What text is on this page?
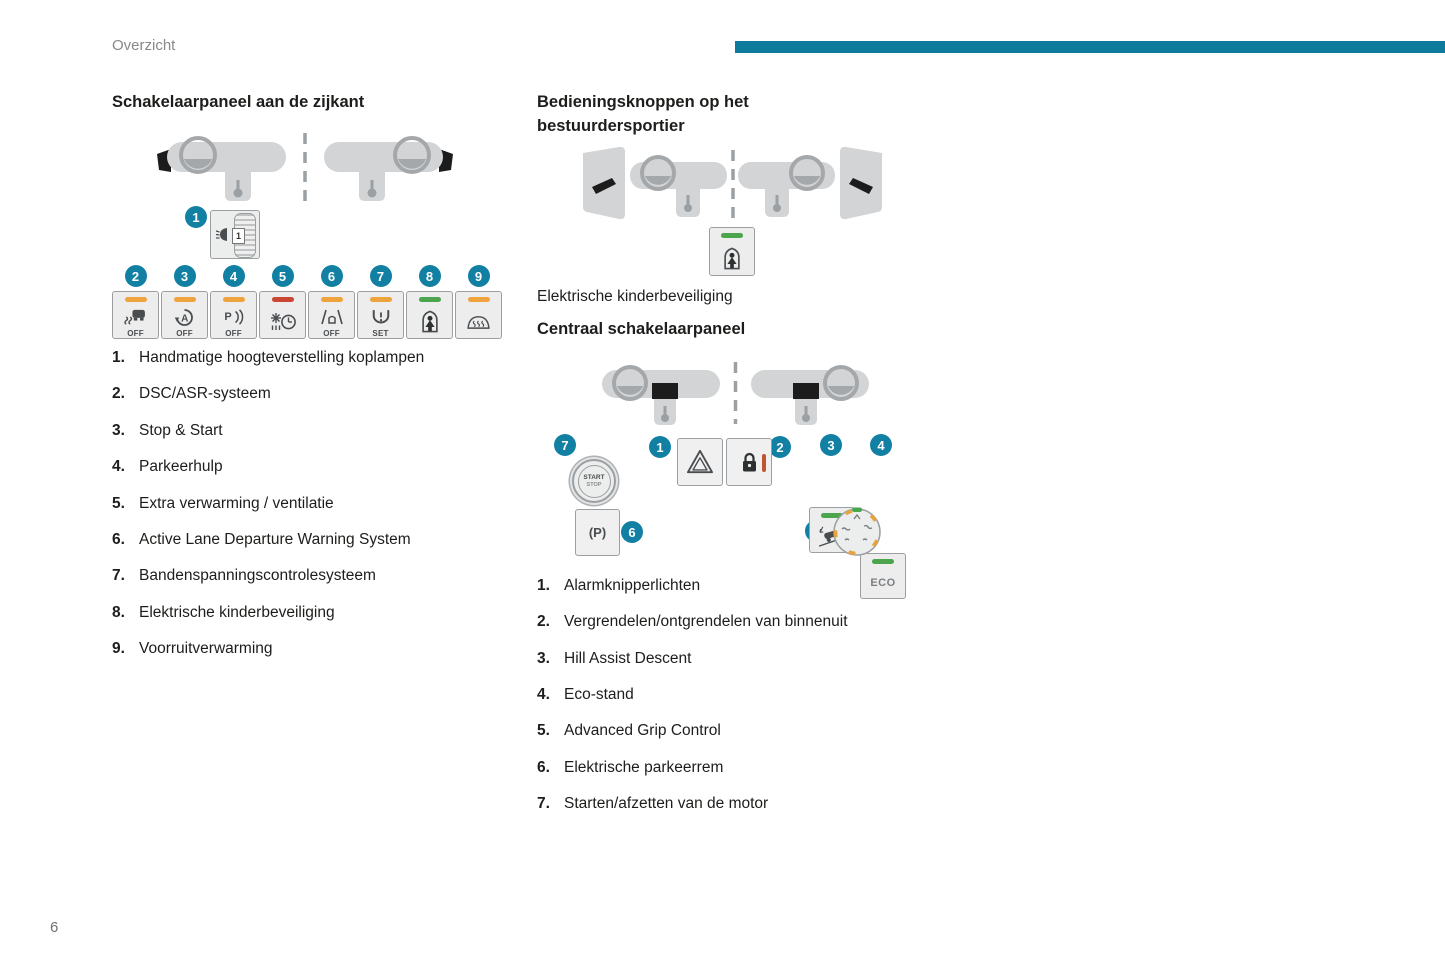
Overzicht
Schakelaarpaneel aan de zijkant
1
1
2
OFF
3
A
OFF
4
P
OFF
5	6
OFF
7
SET
8	9
1. Handmatige hoogteverstelling koplampen
2. DSC/ASR-systeem
3. Stop & Start
4. Parkeerhulp
5. Extra verwarming / ventilatie
6. Active Lane Departure Warning System
7. Bandenspanningscontrolesysteem
8. Elektrische kinderbeveiliging
9. Voorruitverwarming
Bedieningsknoppen op het bestuurdersportier
Elektrische kinderbeveiliging
Centraal schakelaarpaneel
7	1	2	3	4
6
START
STOP
ECO
(P)
1. Alarmknipperlichten
2. Vergrendelen/ontgrendelen van binnenuit
3. Hill Assist Descent
4. Eco-stand
5. Advanced Grip Control
6. Elektrische parkeerrem
7. Starten/afzetten van de motor
6
